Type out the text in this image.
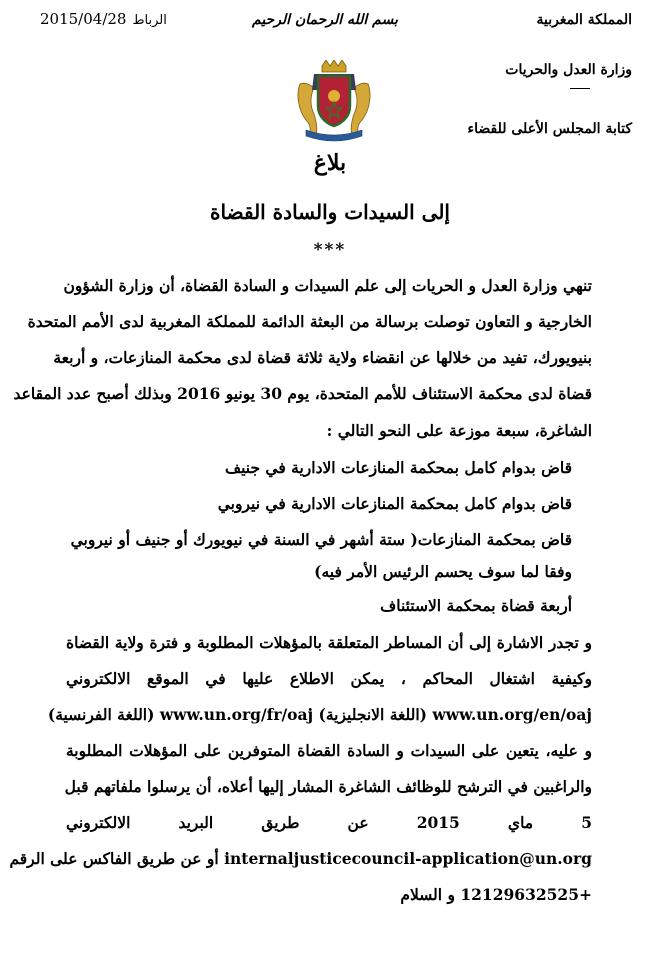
2015/04/28 الرباط	بسم الله الرحمان الرحيم	المملكة المغربية
وزارة العدل والحريات
كتابة المجلس الأعلى للقضاء
بلاغ
إلى السيدات والسادة القضاة
***
تنهي وزارة العدل و الحريات إلى علم السيدات و السادة القضاة، أن وزارة الشؤون
الخارجية و التعاون توصلت برسالة من البعثة الدائمة للمملكة المغربية لدى الأمم المتحدة
بنيويورك، تفيد من خلالها عن انقضاء ولاية ثلاثة قضاة لدى محكمة المنازعات، و أربعة
قضاة لدى محكمة الاستئناف للأمم المتحدة، يوم 30 يونيو 2016 وبذلك أصبح عدد المقاعد
الشاغرة، سبعة موزعة على النحو التالي :
قاض بدوام كامل بمحكمة المنازعات الادارية في جنيف
قاض بدوام كامل بمحكمة المنازعات الادارية في نيروبي
قاض بمحكمة المنازعات( ستة أشهر في السنة في نيويورك أو جنيف أو نيروبي
وفقا لما سوف يحسم الرئيس الأمر فيه)
أربعة قضاة بمحكمة الاستئناف
و تجدر الاشارة إلى أن المساطر المتعلقة بالمؤهلات المطلوبة و فترة ولاية القضاة
وكيفية اشتغال المحاكم ، يمكن الاطلاع عليها في الموقع الالكتروني
www.un.org/en/oaj (اللغة الانجليزية) www.un.org/fr/oaj (اللغة الفرنسية)
و عليه، يتعين على السيدات و السادة القضاة المتوفرين على المؤهلات المطلوبة
والراغبين في الترشح للوظائف الشاغرة المشار إليها أعلاه، أن يرسلوا ملفاتهم قبل
5 ماي 2015 عن طريق البريد الالكتروني
internaljusticecouncil-application@un.org أو عن طريق الفاكس على الرقم
+12129632525 و السلام
